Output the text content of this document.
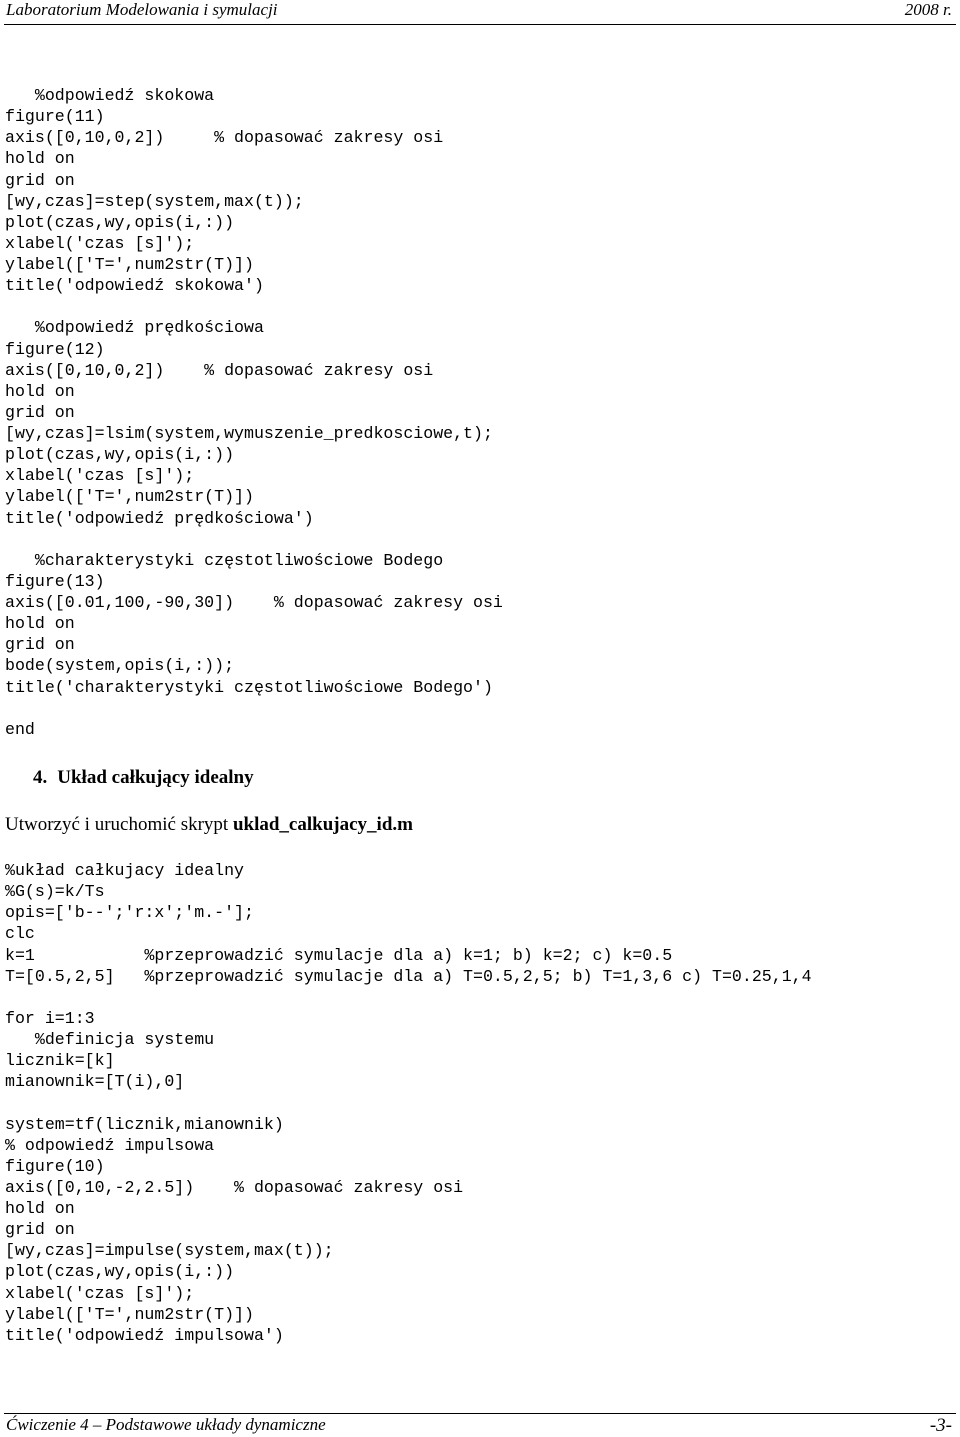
Laboratorium Modelowania i symulacji	2008 r.
%odpowiedź skokowa
figure(11)
axis([0,10,0,2])     % dopasować zakresy osi
hold on
grid on
[wy,czas]=step(system,max(t));
plot(czas,wy,opis(i,:))
xlabel('czas [s]');
ylabel(['T=',num2str(T)])
title('odpowiedź skokowa')
%odpowiedź prędkościowa
figure(12)
axis([0,10,0,2])    % dopasować zakresy osi
hold on
grid on
[wy,czas]=lsim(system,wymuszenie_predkosciowe,t);
plot(czas,wy,opis(i,:))
xlabel('czas [s]');
ylabel(['T=',num2str(T)])
title('odpowiedź prędkościowa')
%charakterystyki częstotliwościowe Bodego
figure(13)
axis([0.01,100,-90,30])    % dopasować zakresy osi
hold on
grid on
bode(system,opis(i,:));
title('charakterystyki częstotliwościowe Bodego')
end
4. Układ całkujący idealny
Utworzyć i uruchomić skrypt uklad_calkujacy_id.m
%układ całkujacy idealny
%G(s)=k/Ts
opis=['b--';'r:x';'m.-'];
clc
k=1           %przeprowadzić symulacje dla a) k=1; b) k=2; c) k=0.5
T=[0.5,2,5]   %przeprowadzić symulacje dla a) T=0.5,2,5; b) T=1,3,6 c) T=0.25,1,4
for i=1:3
%definicja systemu
licznik=[k]
mianownik=[T(i),0]
system=tf(licznik,mianownik)
% odpowiedź impulsowa
figure(10)
axis([0,10,-2,2.5])    % dopasować zakresy osi
hold on
grid on
[wy,czas]=impulse(system,max(t));
plot(czas,wy,opis(i,:))
xlabel('czas [s]');
ylabel(['T=',num2str(T)])
title('odpowiedź impulsowa')
Ćwiczenie 4 – Podstawowe układy dynamiczne	-3-
